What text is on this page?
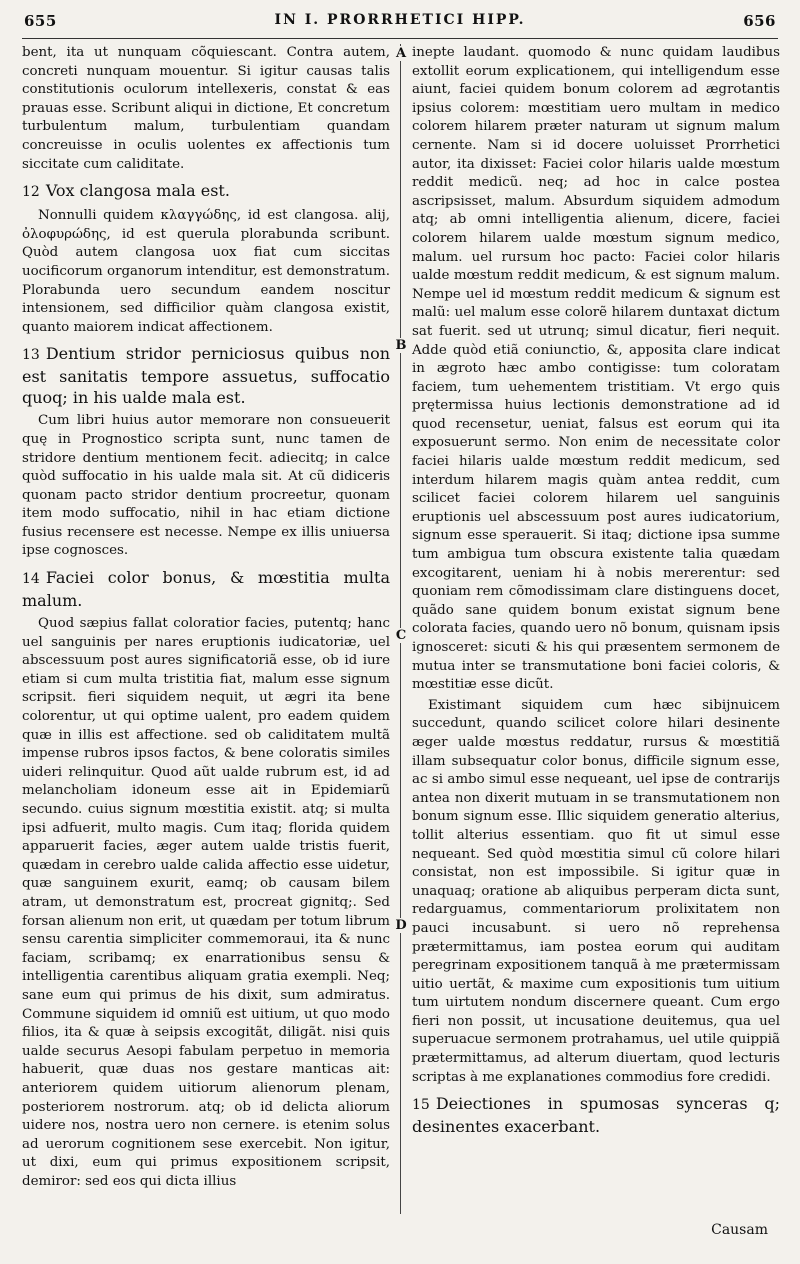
655	IN I. PRORRHETICI HIPP.	656

bent, ita ut nunquam cõquiescant. Contra autem, concreti nunquam mouentur. Si igitur causas talis constitutionis oculorum intellexeris, constat & eas prauas esse. Scribunt aliqui in dictione, Et concretum turbulentum malum, turbulentiam quandam concreuisse in oculis uolentes ex affectionis tum siccitate cum caliditate.

12 Vox clangosa mala est.

Nonnulli quidem κλαγγώδης, id est clangosa. alij, ὀλοφυρώδης, id est querula plorabunda scribunt. Quòd autem clangosa uox fiat cum siccitas uocificorum organorum intenditur, est demonstratum. Plorabunda uero secundum eandem noscitur intensionem, sed difficilior quàm clangosa existit, quanto maiorem indicat affectionem.

13 Dentium stridor perniciosus quibus non est sanitatis tempore assuetus, suffocatio quoq; in his ualde mala est.

Cum libri huius autor memorare non consueuerit quę in Prognostico scripta sunt, nunc tamen de stridore dentium mentionem fecit. adiecitq; in calce quòd suffocatio in his ualde mala sit. At cũ didiceris quonam pacto stridor dentium procreetur, quonam item modo suffocatio, nihil in hac etiam dictione fusius recensere est necesse. Nempe ex illis uniuersa ipse cognosces.

14 Faciei color bonus, & mœstitia multa malum.

Quod sæpius fallat coloratior facies, putentq; hanc uel sanguinis per nares eruptionis iudicatoriæ, uel abscessuum post aures significatoriã esse, ob id iure etiam si cum multa tristitia fiat, malum esse signum scripsit. fieri siquidem nequit, ut ægri ita bene colorentur, ut qui optime ualent, pro eadem quidem quæ in illis est affectione. sed ob caliditatem multã impense rubros ipsos factos, & bene coloratis similes uideri relinquitur. Quod aũt ualde rubrum est, id ad melancholiam idoneum esse ait in Epidemiarũ secundo. cuius signum mœstitia existit. atq; si multa ipsi adfuerit, multo magis. Cum itaq; florida quidem apparuerit facies, æger autem ualde tristis fuerit, quædam in cerebro ualde calida affectio esse uidetur, quæ sanguinem exurit, eamq; ob causam bilem atram, ut demonstratum est, procreat gignitq;. Sed forsan alienum non erit, ut quædam per totum librum sensu carentia simpliciter commemoraui, ita & nunc faciam, scribamq; ex enarrationibus sensu & intelligentia carentibus aliquam gratia exempli. Neq; sane eum qui primus de his dixit, sum admiratus. Commune siquidem id omniũ est uitium, ut quo modo filios, ita & quæ à seipsis excogitãt, diligãt. nisi quis ualde securus Aesopi fabulam perpetuo in memoria habuerit, quæ duas nos gestare manticas ait: anteriorem quidem uitiorum alienorum plenam, posteriorem nostrorum. atq; ob id delicta aliorum uidere nos, nostra uero non cernere. is etenim solus ad uerorum cognitionem sese exercebit. Non igitur, ut dixi, eum qui primus expositionem scripsit, demiror: sed eos qui dicta illius

A
B
C
D

inepte laudant. quomodo & nunc quidam laudibus extollit eorum explicationem, qui intelligendum esse aiunt, faciei quidem bonum colorem ad ægrotantis ipsius colorem: mœstitiam uero multam in medico colorem hilarem præter naturam ut signum malum cernente. Nam si id docere uoluisset Prorrhetici autor, ita dixisset: Faciei color hilaris ualde mœstum reddit medicũ. neq; ad hoc in calce postea ascripsisset, malum. Absurdum siquidem admodum atq; ab omni intelligentia alienum, dicere, faciei colorem hilarem ualde mœstum signum medico, malum. uel rursum hoc pacto: Faciei color hilaris ualde mœstum reddit medicum, & est signum malum. Nempe uel id mœstum reddit medicum & signum est malũ: uel malum esse colorẽ hilarem duntaxat dictum sat fuerit. sed ut utrunq; simul dicatur, fieri nequit. Adde quòd etiã coniunctio, &, apposita clare indicat in ægroto hæc ambo contigisse: tum coloratam faciem, tum uehementem tristitiam. Vt ergo quis prętermissa huius lectionis demonstratione ad id quod recensetur, ueniat, falsus est eorum qui ita exposuerunt sermo. Non enim de necessitate color faciei hilaris ualde mœstum reddit medicum, sed interdum hilarem magis quàm antea reddit, cum scilicet faciei colorem hilarem uel sanguinis eruptionis uel abscessuum post aures iudicatorium, signum esse sperauerit. Si itaq; dictione ipsa summe tum ambigua tum obscura existente talia quædam excogitarent, ueniam hi à nobis mererentur: sed quoniam rem cõmodissimam clare distinguens docet, quãdo sane quidem bonum existat signum bene colorata facies, quando uero nõ bonum, quisnam ipsis ignosceret: sicuti & his qui præsentem sermonem de mutua inter se transmutatione boni faciei coloris, & mœstitiæ esse dicũt.

Existimant siquidem cum hæc sibijnuicem succedunt, quando scilicet colore hilari desinente æger ualde mœstus reddatur, rursus & mœstitiã illam subsequatur color bonus, difficile signum esse, ac si ambo simul esse nequeant, uel ipse de contrarijs antea non dixerit mutuam in se transmutationem non bonum signum esse. Illic siquidem generatio alterius, tollit alterius essentiam. quo fit ut simul esse nequeant. Sed quòd mœstitia simul cũ colore hilari consistat, non est impossibile. Si igitur quæ in unaquaq; oratione ab aliquibus perperam dicta sunt, redarguamus, commentariorum prolixitatem non pauci incusabunt. si uero nõ reprehensa prætermittamus, iam postea eorum qui auditam peregrinam expositionem tanquã à me prætermissam uitio uertãt, & maxime cum expositionis tum uitium tum uirtutem nondum discernere queant. Cum ergo fieri non possit, ut incusatione deuitemus, qua uel superuacue sermonem protrahamus, uel utile quippiã prætermittamus, ad alterum diuertam, quod lecturis scriptas à me explanationes commodius fore credidi.

15 Deiectiones in spumosas synceras q; desinentes exacerbant.
Causam
